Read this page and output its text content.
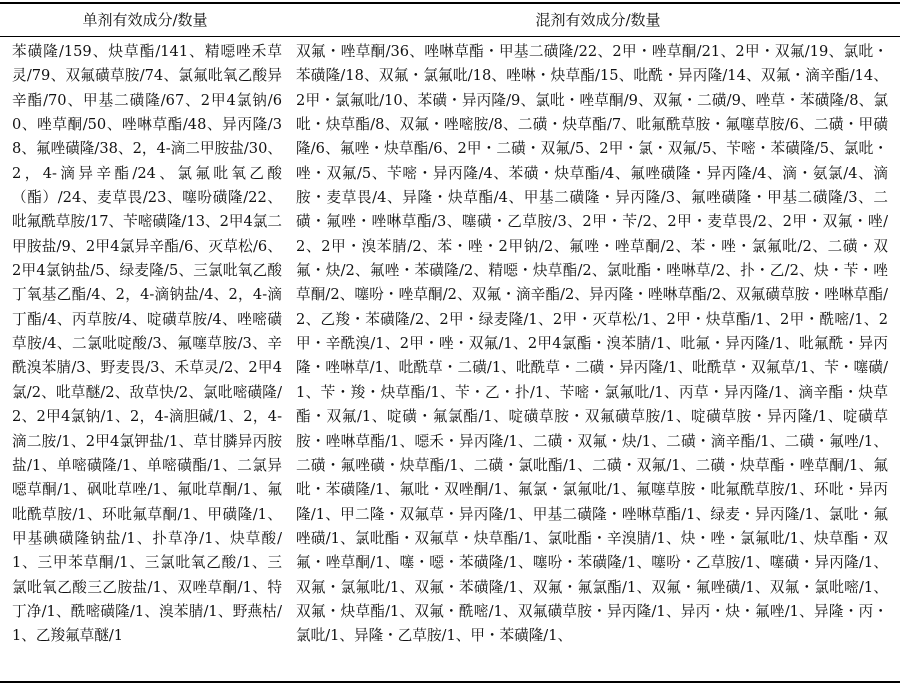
单剂有效成分/数量	混剂有效成分/数量
苯磺隆/159、炔草酯/141、精噁唑禾草灵/79、双氟磺草胺/74、氯氟吡氧乙酸异辛酯/70、甲基二磺隆/67、2甲4氯钠/60、唑草酮/50、唑啉草酯/48、异丙隆/38、氟唑磺隆/38、2，4-滴二甲胺盐/30、2，4-滴异辛酯/24、氯氟吡氧乙酸（酯）/24、麦草畏/23、噻吩磺隆/22、吡氟酰草胺/17、苄嘧磺隆/13、2甲4氯二甲胺盐/9、2甲4氯异辛酯/6、灭草松/6、2甲4氯钠盐/5、绿麦隆/5、三氯吡氧乙酸丁氧基乙酯/4、2，4-滴钠盐/4、2，4-滴丁酯/4、丙草胺/4、啶磺草胺/4、唑嘧磺草胺/4、二氯吡啶酸/3、氟噻草胺/3、辛酰溴苯腈/3、野麦畏/3、禾草灵/2、2甲4氯/2、吡草醚/2、敌草快/2、氯吡嘧磺隆/2、2甲4氯钠/1、2，4-滴胆碱/1、2，4-滴二胺/1、2甲4氯钾盐/1、草甘膦异丙胺盐/1、单嘧磺隆/1、单嘧磺酯/1、二氯异噁草酮/1、砜吡草唑/1、氟吡草酮/1、氟吡酰草胺/1、环吡氟草酮/1、甲磺隆/1、甲基碘磺隆钠盐/1、扑草净/1、炔草酸/1、三甲苯草酮/1、三氯吡氧乙酸/1、三氯吡氧乙酸三乙胺盐/1、双唑草酮/1、特丁净/1、酰嘧磺隆/1、溴苯腈/1、野燕枯/1、乙羧氟草醚/1
双氟・唑草酮/36、唑啉草酯・甲基二磺隆/22、2甲・唑草酮/21、2甲・双氟/19、氯吡・苯磺隆/18、双氟・氯氟吡/18、唑啉・炔草酯/15、吡酰・异丙隆/14、双氟・滴辛酯/14、2甲・氯氟吡/10、苯磺・异丙隆/9、氯吡・唑草酮/9、双氟・二磺/9、唑草・苯磺隆/8、氯吡・炔草酯/8、双氟・唑嘧胺/8、二磺・炔草酯/7、吡氟酰草胺・氟噻草胺/6、二磺・甲磺隆/6、氟唑・炔草酯/6、2甲・二磺・双氟/5、2甲・氯・双氟/5、苄嘧・苯磺隆/5、氯吡・唑・双氟/5、苄嘧・异丙隆/4、苯磺・炔草酯/4、氟唑磺隆・异丙隆/4、滴・氨氯/4、滴胺・麦草畏/4、异隆・炔草酯/4、甲基二磺隆・异丙隆/3、氟唑磺隆・甲基二磺隆/3、二磺・氟唑・唑啉草酯/3、噻磺・乙草胺/3、2甲・苄/2、2甲・麦草畏/2、2甲・双氟・唑/2、2甲・溴苯腈/2、苯・唑・2甲钠/2、氟唑・唑草酮/2、苯・唑・氯氟吡/2、二磺・双氟・炔/2、氟唑・苯磺隆/2、精噁・炔草酯/2、氯吡酯・唑啉草/2、扑・乙/2、炔・苄・唑草酮/2、噻吩・唑草酮/2、双氟・滴辛酯/2、异丙隆・唑啉草酯/2、双氟磺草胺・唑啉草酯/2、乙羧・苯磺隆/2、2甲・绿麦隆/1、2甲・灭草松/1、2甲・炔草酯/1、2甲・酰嘧/1、2甲・辛酰溴/1、2甲・唑・双氟/1、2甲4氯酯・溴苯腈/1、吡氟・异丙隆/1、吡氟酰・异丙隆・唑啉草/1、吡酰草・二磺/1、吡酰草・二磺・异丙隆/1、吡酰草・双氟草/1、苄・噻磺/1、苄・羧・炔草酯/1、苄・乙・扑/1、苄嘧・氯氟吡/1、丙草・异丙隆/1、滴辛酯・炔草酯・双氟/1、啶磺・氟氯酯/1、啶磺草胺・双氟磺草胺/1、啶磺草胺・异丙隆/1、啶磺草胺・唑啉草酯/1、噁禾・异丙隆/1、二磺・双氟・炔/1、二磺・滴辛酯/1、二磺・氟唑/1、二磺・氟唑磺・炔草酯/1、二磺・氯吡酯/1、二磺・双氟/1、二磺・炔草酯・唑草酮/1、氟吡・苯磺隆/1、氟吡・双唑酮/1、氟氯・氯氟吡/1、氟噻草胺・吡氟酰草胺/1、环吡・异丙隆/1、甲二隆・双氟草・异丙隆/1、甲基二磺隆・唑啉草酯/1、绿麦・异丙隆/1、氯吡・氟唑磺/1、氯吡酯・双氟草・炔草酯/1、氯吡酯・辛溴腈/1、炔・唑・氯氟吡/1、炔草酯・双氟・唑草酮/1、噻・噁・苯磺隆/1、噻吩・苯磺隆/1、噻吩・乙草胺/1、噻磺・异丙隆/1、双氟・氯氟吡/1、双氟・苯磺隆/1、双氟・氟氯酯/1、双氟・氟唑磺/1、双氟・氯吡嘧/1、双氟・炔草酯/1、双氟・酰嘧/1、双氟磺草胺・异丙隆/1、异丙・炔・氟唑/1、异隆・丙・氯吡/1、异隆・乙草胺/1、甲・苯磺隆/1、
